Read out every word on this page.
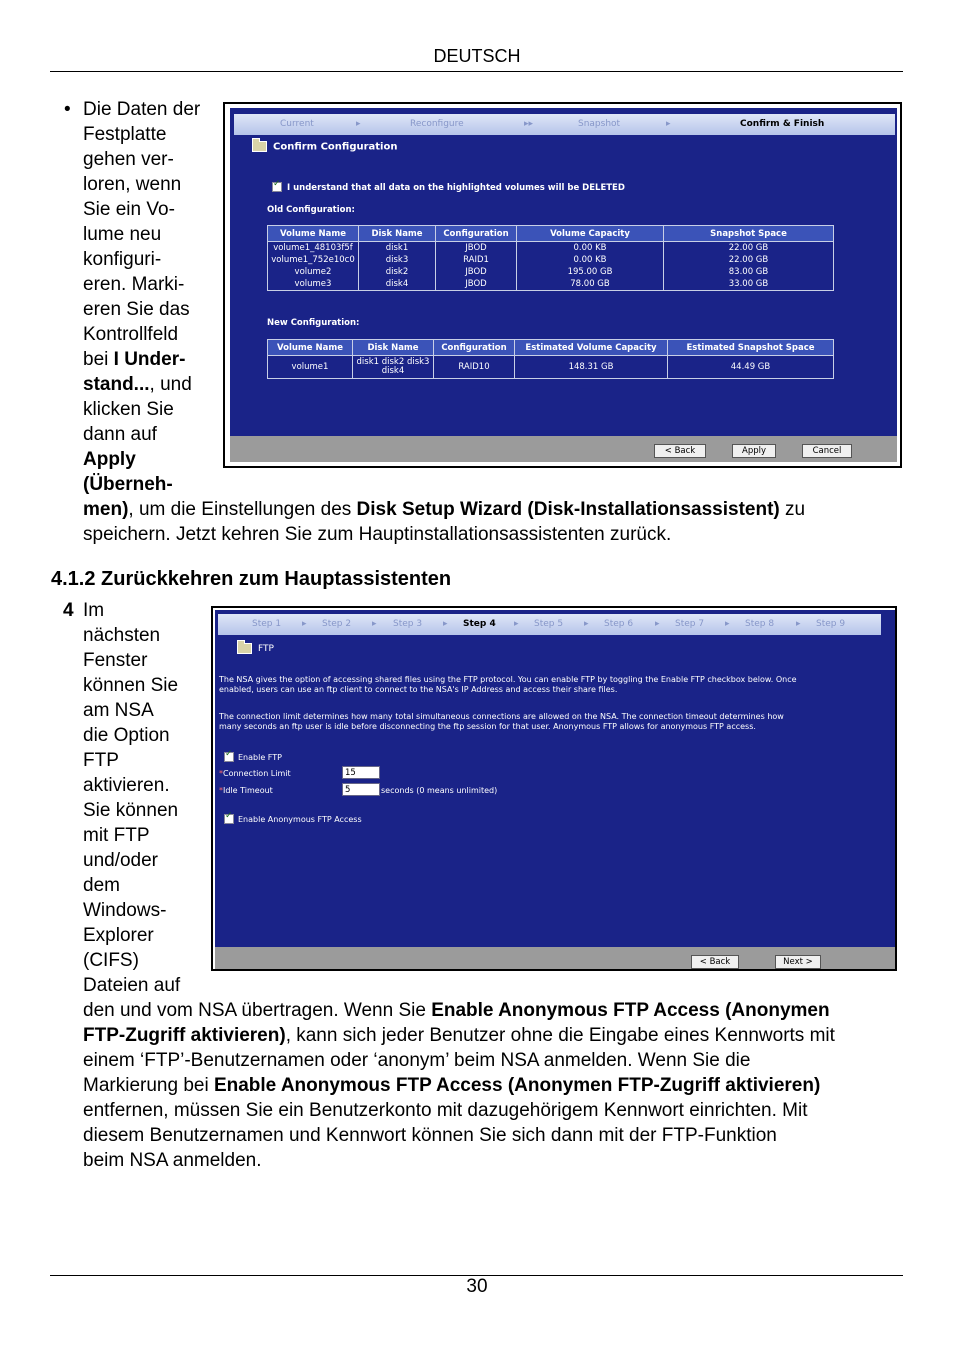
DEUTSCH
• Die Daten der
Festplatte
gehen ver-
loren, wenn
Sie ein Vo-
lume neu
konfiguri-
eren. Marki-
eren Sie das
Kontrollfeld
bei I Under-
stand..., und
klicken Sie
dann auf
Apply
(Überneh-
men), um die Einstellungen des Disk Setup Wizard (Disk-Installationsassistent) zu
speichern. Jetzt kehren Sie zum Hauptinstallationsassistenten zurück.
Current	▸	Reconfigure	▸▸	Snapshot	▸	Confirm & Finish
Confirm Configuration
✓
I understand that all data on the highlighted volumes will be DELETED
Old Configuration:
Volume Name	Disk Name	Configuration	Volume Capacity	Snapshot Space
volume1_48103f5f	disk1	JBOD	0.00 KB	22.00 GB
volume1_752e10c0	disk3	RAID1	0.00 KB	22.00 GB
volume2	disk2	JBOD	195.00 GB	83.00 GB
volume3	disk4	JBOD	78.00 GB	33.00 GB
New Configuration:
Volume Name	Disk Name	Configuration	Estimated Volume Capacity	Estimated Snapshot Space
volume1	disk1 disk2 disk3 disk4	RAID10	148.31 GB	44.49 GB
< Back	Apply	Cancel
4.1.2 Zurückkehren zum Hauptassistenten
4 Im
nächsten
Fenster
können Sie
am NSA
die Option
FTP
aktivieren.
Sie können
mit FTP
und/oder
dem
Windows-
Explorer
(CIFS)
Dateien auf
den und vom NSA übertragen. Wenn Sie Enable Anonymous FTP Access (Anonymen
FTP-Zugriff aktivieren), kann sich jeder Benutzer ohne die Eingabe eines Kennworts mit
einem ‘FTP’-Benutzernamen oder ‘anonym’ beim NSA anmelden. Wenn Sie die
Markierung bei Enable Anonymous FTP Access (Anonymen FTP-Zugriff aktivieren)
entfernen, müssen Sie ein Benutzerkonto mit dazugehörigem Kennwort einrichten. Mit
diesem Benutzernamen und Kennwort können Sie sich dann mit der FTP-Funktion
beim NSA anmelden.
Step 1 ▸ Step 2 ▸ Step 3 ▸ Step 4 ▸ Step 5 ▸ Step 6 ▸ Step 7 ▸ Step 8 ▸ Step 9
FTP
The NSA gives the option of accessing shared files using the FTP protocol. You can enable FTP by toggling the Enable FTP checkbox below. Once
enabled, users can use an ftp client to connect to the NSA's IP Address and access their share files.
The connection limit determines how many total simultaneous connections are allowed on the NSA. The connection timeout determines how
many seconds an ftp user is idle before disconnecting the ftp session for that user. Anonymous FTP allows for anonymous FTP access.
✓
Enable FTP
*Connection Limit	15
*Idle Timeout	5	seconds (0 means unlimited)
✓
Enable Anonymous FTP Access
< Back	Next >
30
